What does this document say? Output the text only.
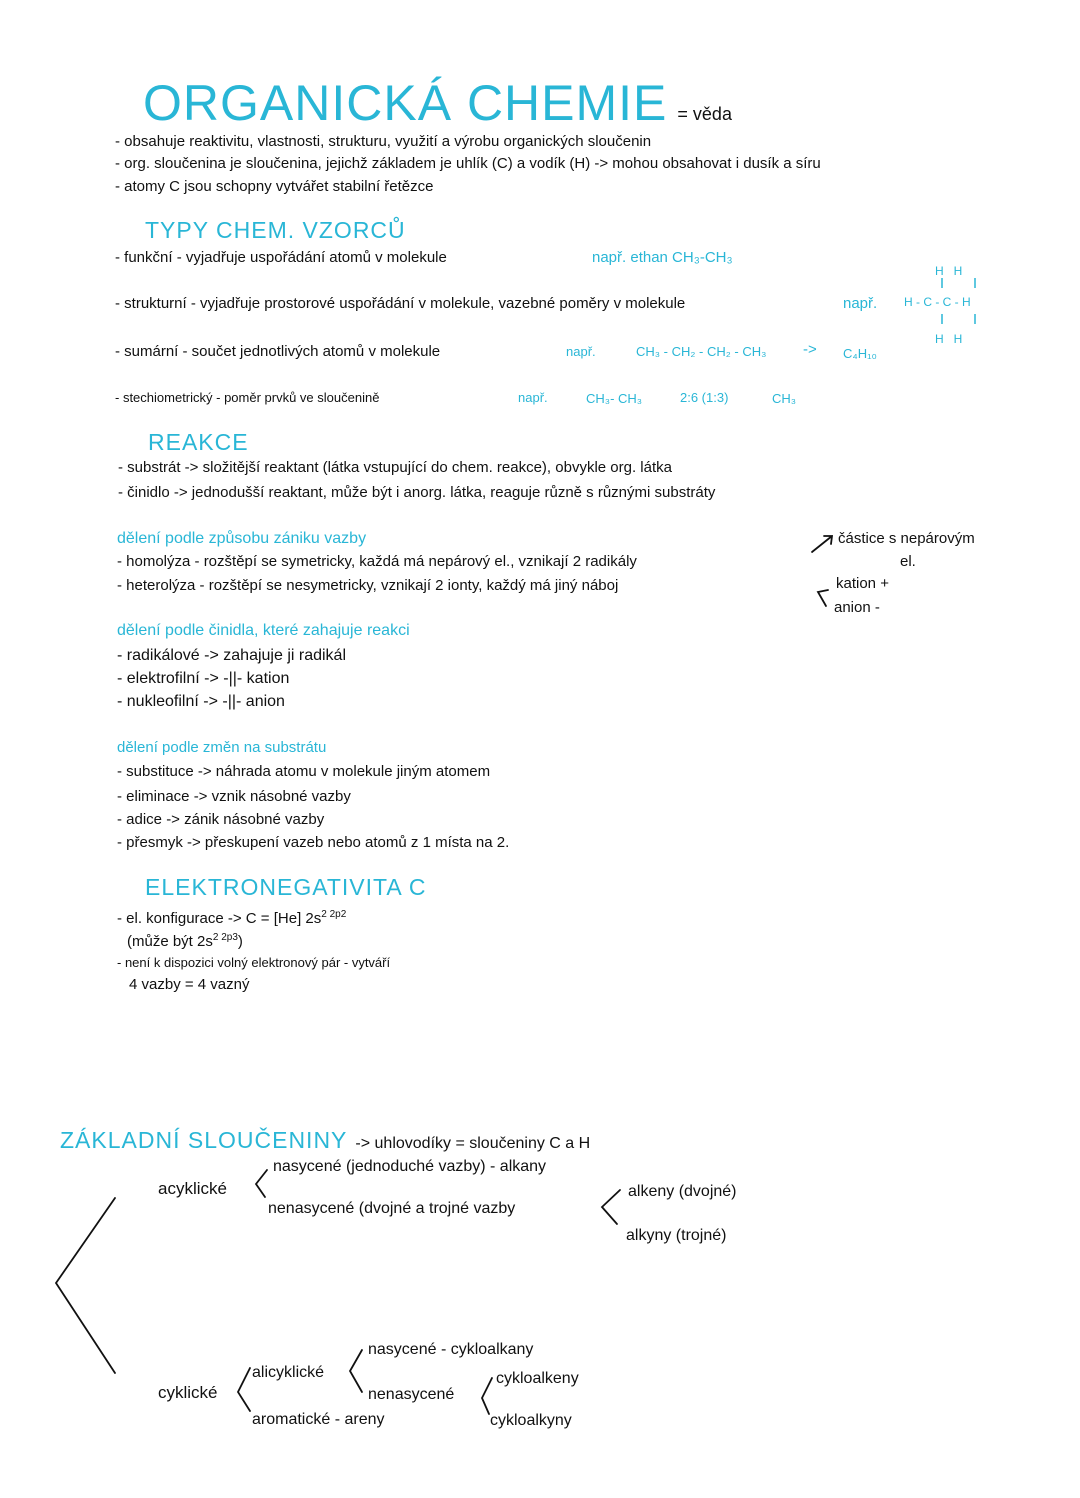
ORGANICKÁ CHEMIE = věda
- obsahuje reaktivitu, vlastnosti, strukturu, využití a výrobu organických sloučenin
- org. sloučenina je sloučenina, jejichž základem je uhlík (C) a vodík (H) -> mohou obsahovat i dusík a síru
- atomy C jsou schopny vytvářet stabilní řetězce
TYPY CHEM. VZORCŮ
- funkční - vyjadřuje uspořádání atomů v molekule	např. ethan CH₃-CH₃
- strukturní - vyjadřuje prostorové uspořádání v molekule, vazebné poměry v molekule	např.
H   H
H - C - C - H
H   H
- sumární - součet jednotlivých atomů v molekule	např.	CH₃ - CH₂ - CH₂ - CH₃ -> C₄H₁₀
- stechiometrický - poměr prvků ve sloučenině	např.	CH₃- CH₃	2:6 (1:3)	CH₃
REAKCE
- substrát -> složitější reaktant (látka vstupující do chem. reakce), obvykle org. látka
- činidlo -> jednodušší reaktant, může být i anorg. látka, reaguje různě s různými substráty
dělení podle způsobu zániku vazby
- homolýza - rozštěpí se symetricky, každá má nepárový el., vznikají 2 radikály
- heterolýza - rozštěpí se nesymetricky, vznikají 2 ionty, každý má jiný náboj
částice s nepárovým
el.
kation +
anion -
dělení podle činidla, které zahajuje reakci
- radikálové -> zahajuje ji radikál
- elektrofilní -> -||- kation
- nukleofilní -> -||- anion
dělení podle změn na substrátu
- substituce -> náhrada atomu v molekule jiným atomem
- eliminace -> vznik násobné vazby
- adice -> zánik násobné vazby
- přesmyk -> přeskupení vazeb nebo atomů z 1 místa na 2.
ELEKTRONEGATIVITA C
- el. konfigurace -> C = [He] $2s^{2 2p2}$
(může být $2s^{2 2p3}$)
- není k dispozici volný elektronový pár - vytváří
4 vazby = 4 vazný
ZÁKLADNÍ SLOUČENINY -> uhlovodíky = sloučeniny C a H
acyklické
nasycené (jednoduché vazby) - alkany
nenasycené (dvojné a trojné vazby
alkeny (dvojné)
alkyny (trojné)
cyklické
alicyklické
aromatické - areny
nasycené - cykloalkany
nenasycené
cykloalkeny
cykloalkyny
